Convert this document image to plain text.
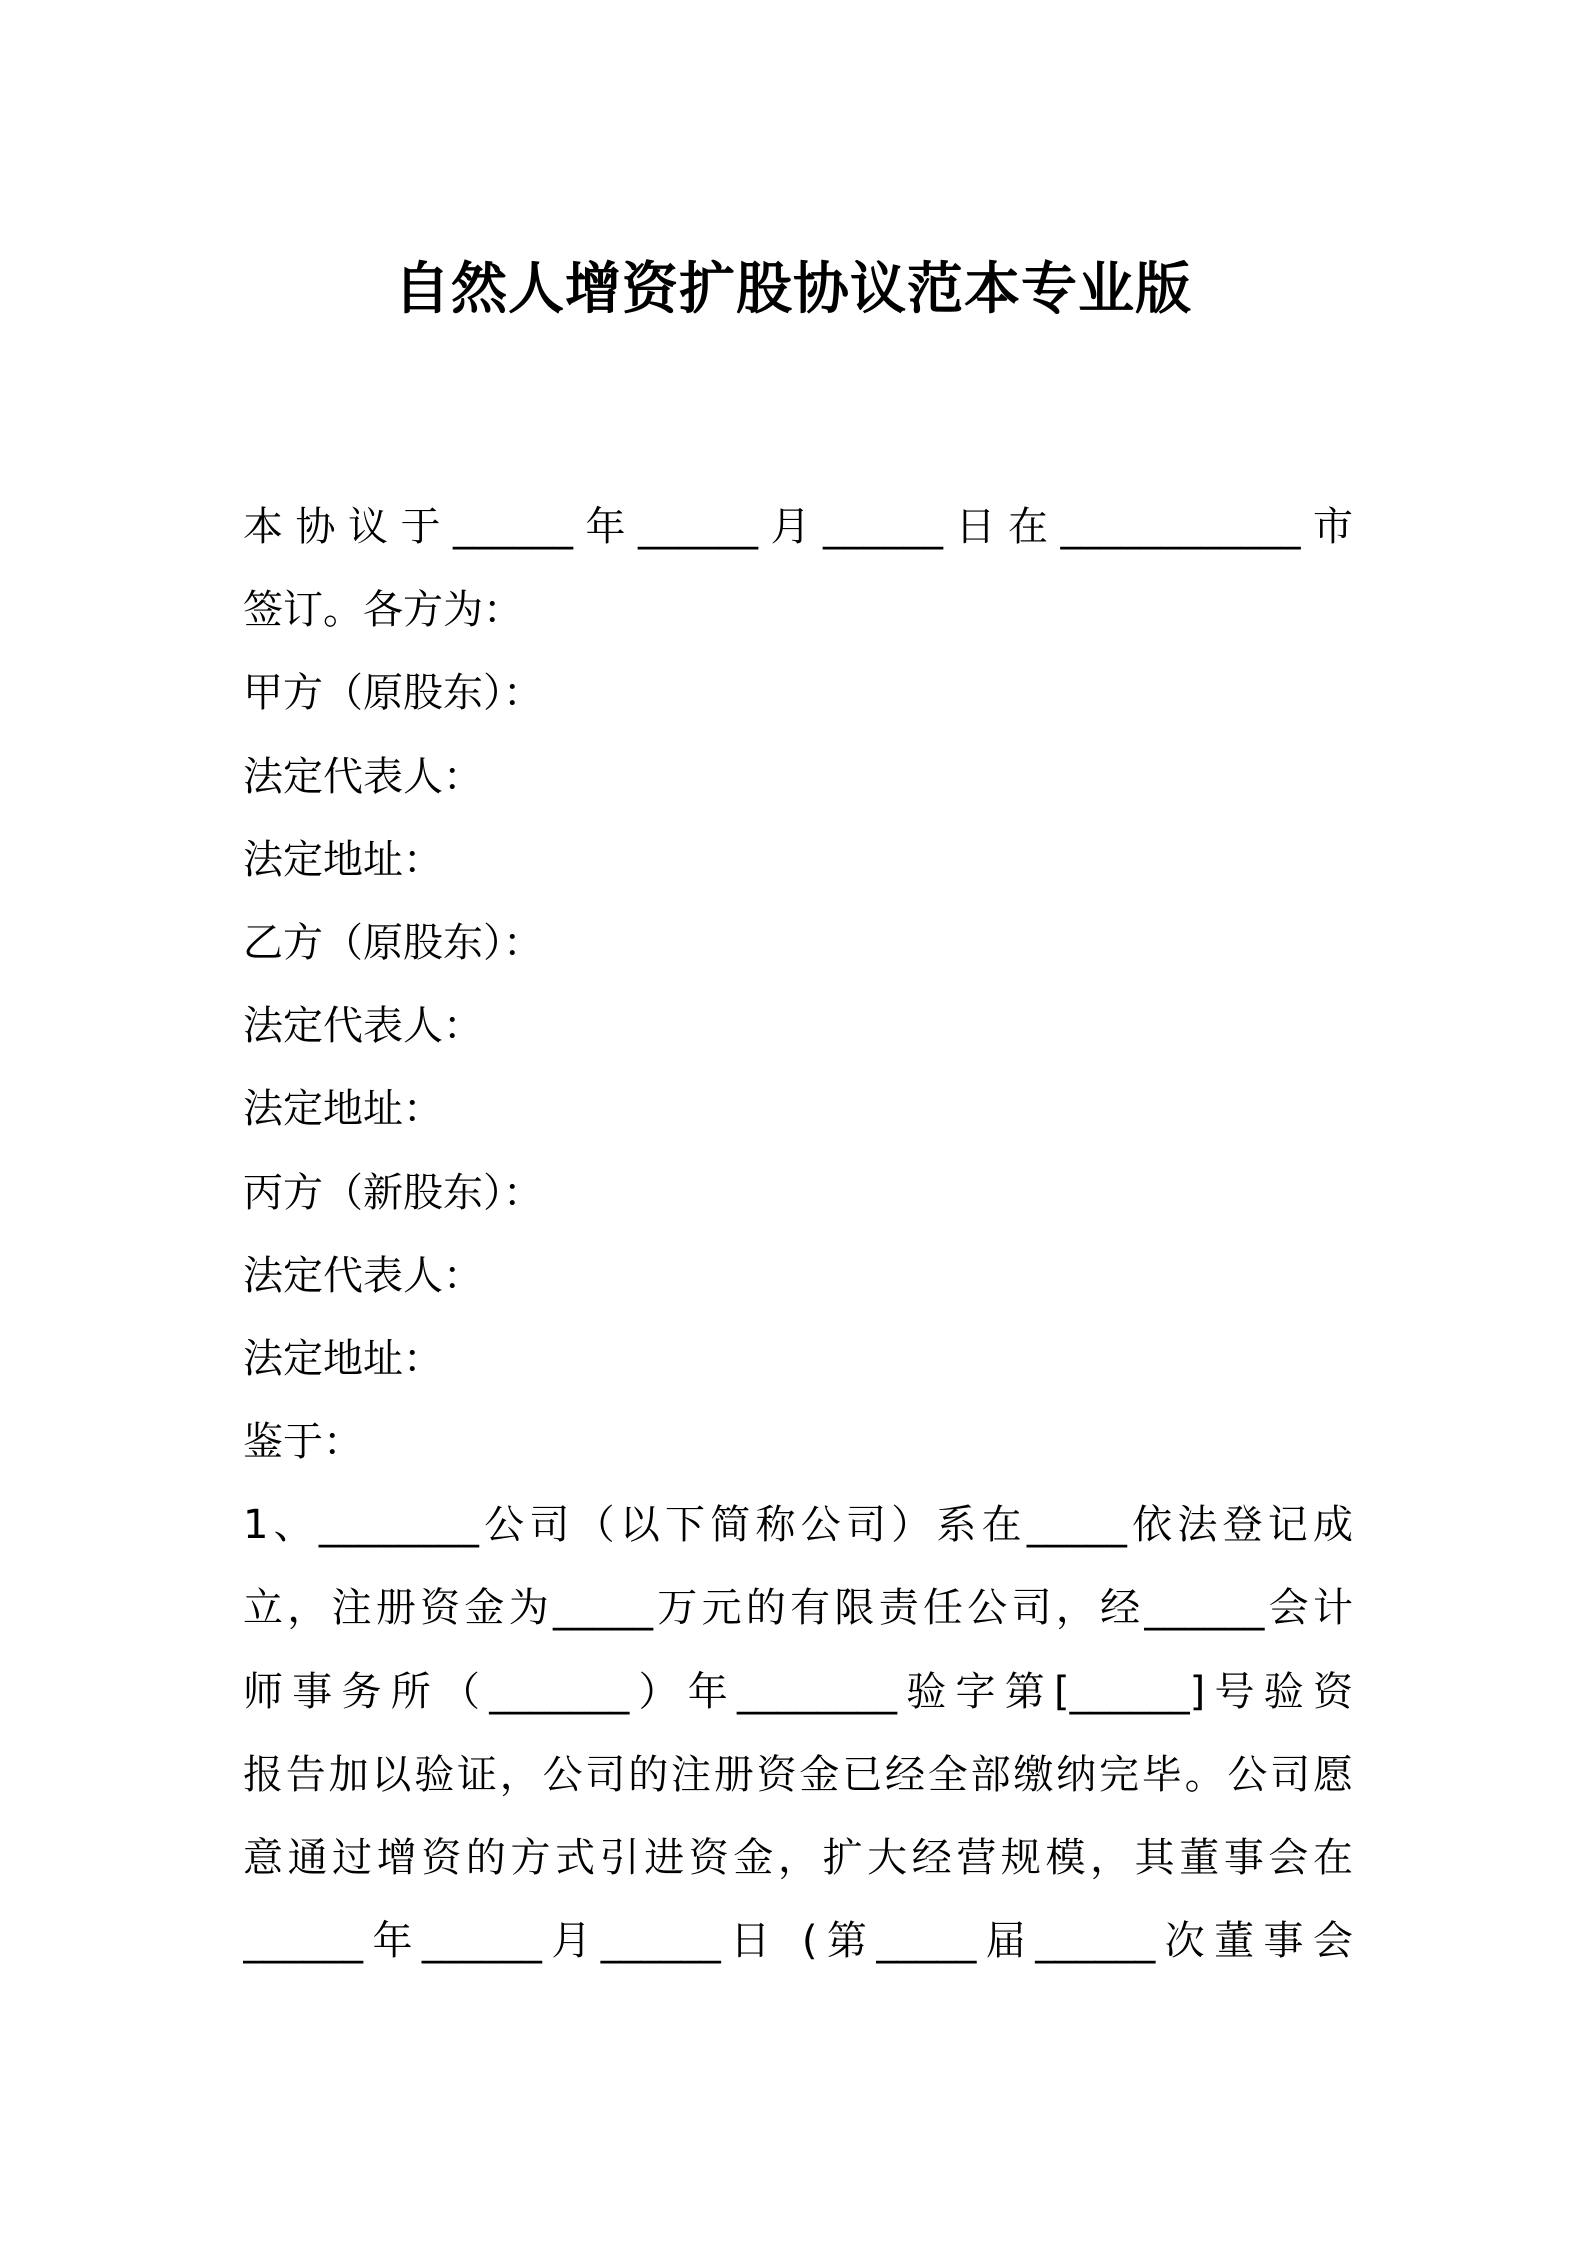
自然人增资扩股协议范本专业版
本协议于______年______月______日在____________市
签订。各方为：
甲方（原股东）：
法定代表人：
法定地址：
乙方（原股东）：
法定代表人：
法定地址：
丙方（新股东）：
法定代表人：
法定地址：
鉴于：
1、________公司（以下简称公司）系在_____依法登记成
立，注册资金为_____万元的有限责任公司，经______会计
师事务所（_______）年________验字第[______]号验资
报告加以验证，公司的注册资金已经全部缴纳完毕。公司愿
意通过增资的方式引进资金，扩大经营规模，其董事会在
______年______月______日 (第_____届______次董事会
